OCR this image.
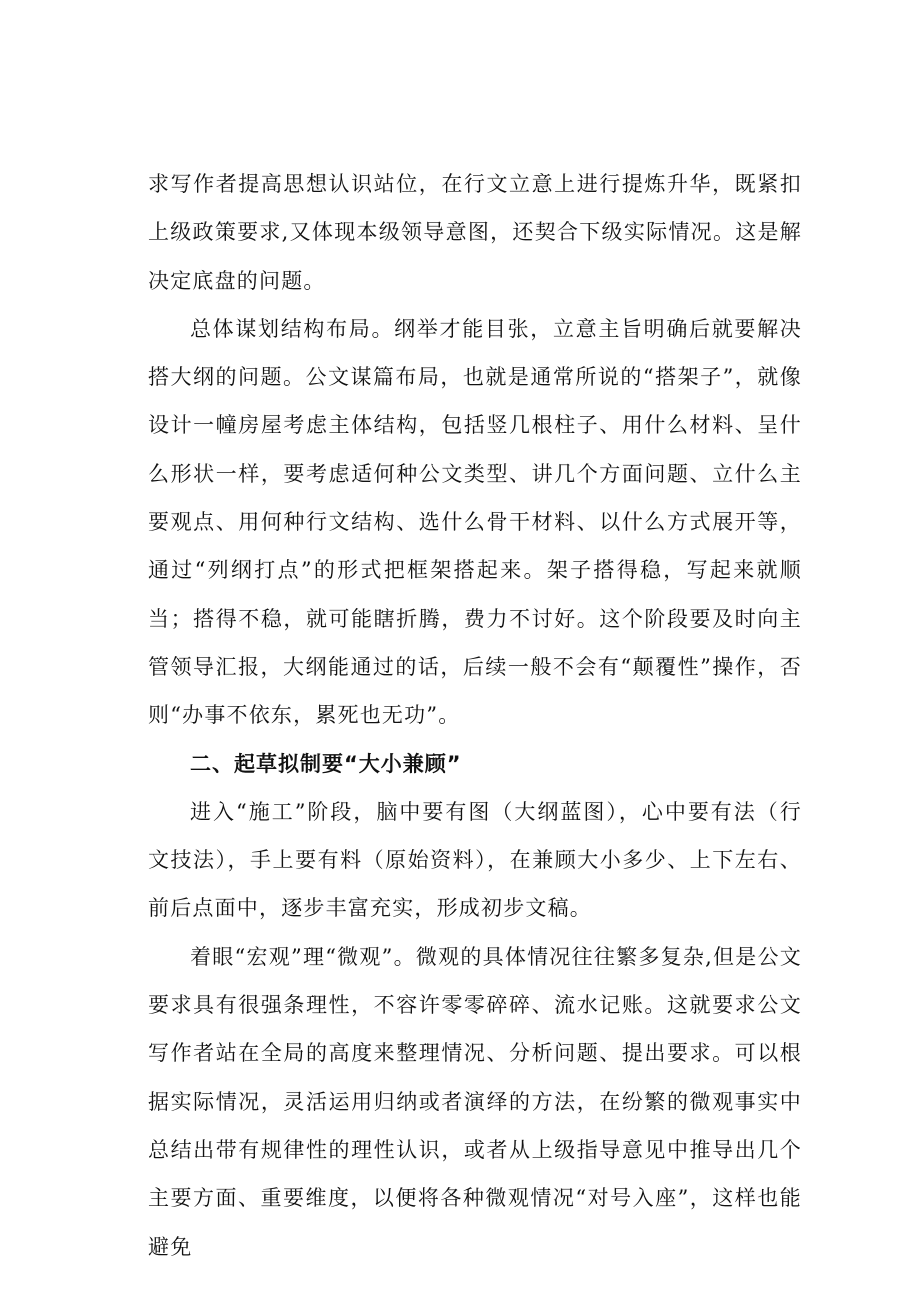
求写作者提高思想认识站位，在行文立意上进行提炼升华，既紧扣上级政策要求,又体现本级领导意图，还契合下级实际情况。这是解决定底盘的问题。

总体谋划结构布局。纲举才能目张，立意主旨明确后就要解决搭大纲的问题。公文谋篇布局，也就是通常所说的“搭架子”，就像设计一幢房屋考虑主体结构，包括竖几根柱子、用什么材料、呈什么形状一样，要考虑适何种公文类型、讲几个方面问题、立什么主要观点、用何种行文结构、选什么骨干材料、以什么方式展开等，通过“列纲打点”的形式把框架搭起来。架子搭得稳，写起来就顺当；搭得不稳，就可能瞎折腾，费力不讨好。这个阶段要及时向主管领导汇报，大纲能通过的话，后续一般不会有“颠覆性”操作，否则“办事不依东，累死也无功”。

二、起草拟制要“大小兼顾”

进入“施工”阶段，脑中要有图（大纲蓝图），心中要有法（行文技法），手上要有料（原始资料），在兼顾大小多少、上下左右、前后点面中，逐步丰富充实，形成初步文稿。

着眼“宏观”理“微观”。微观的具体情况往往繁多复杂,但是公文要求具有很强条理性，不容许零零碎碎、流水记账。这就要求公文写作者站在全局的高度来整理情况、分析问题、提出要求。可以根据实际情况，灵活运用归纳或者演绎的方法，在纷繁的微观事实中总结出带有规律性的理性认识，或者从上级指导意见中推导出几个主要方面、重要维度，以便将各种微观情况“对号入座”，这样也能避免
